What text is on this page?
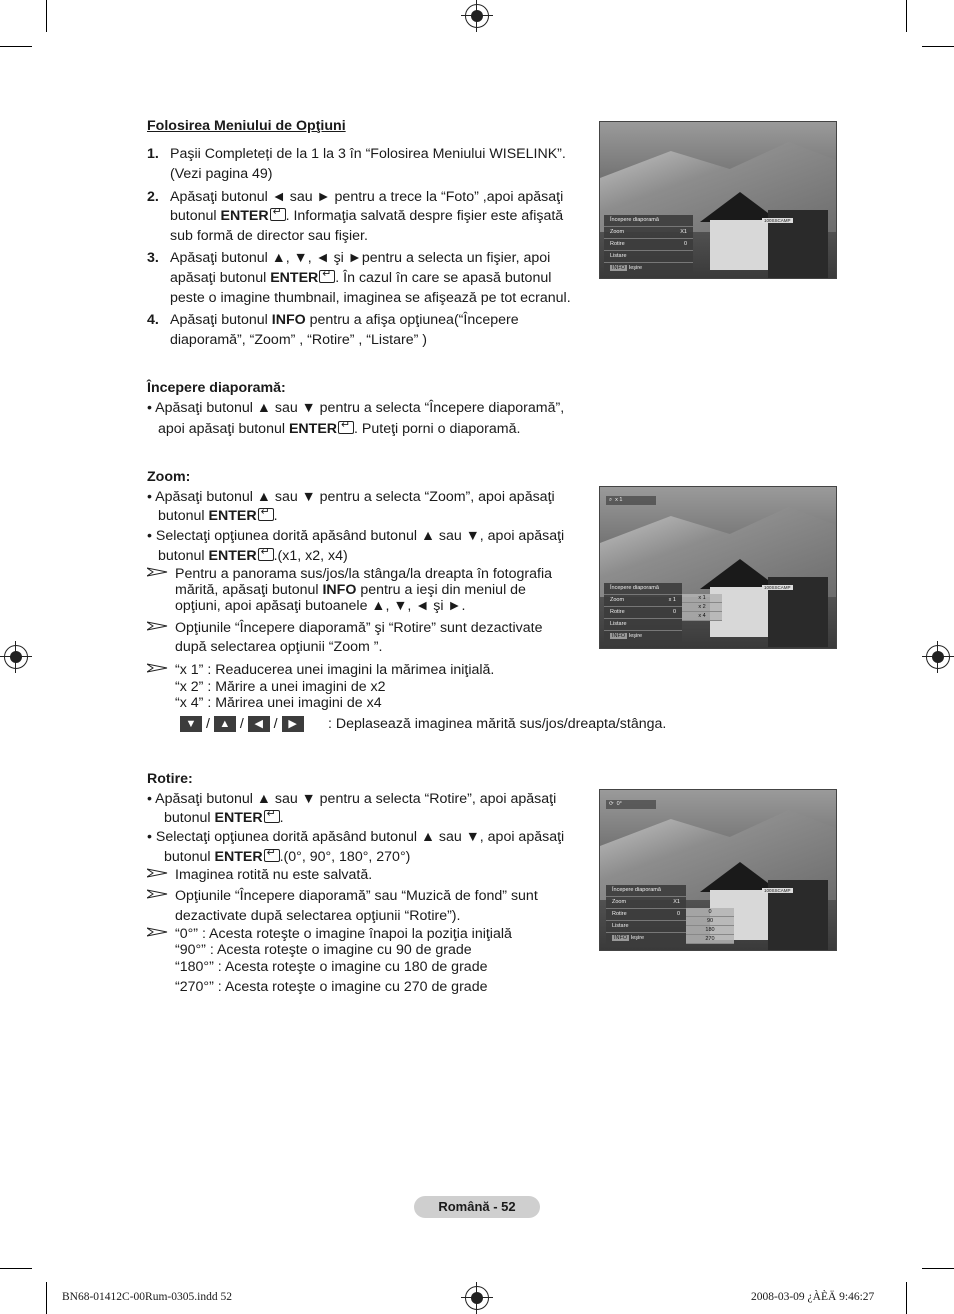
Folosirea Meniului de Opţiuni
1. Paşii Completeți de la 1 la 3 în “Folosirea Meniului WISELINK”.
(Vezi pagina 49)
2. Apăsaţi butonul ◄ sau ► pentru a trece la “Foto” ,apoi apăsaţi
butonul ENTER ↵ . Informaţia salvată despre fişier este afişată
sub formă de director sau fişier.
3. Apăsaţi butonul ▲, ▼, ◄ şi ►pentru a selecta un fişier, apoi
apăsaţi butonul ENTER ↵ . În cazul în care se apasă butonul
peste o imagine thumbnail, imaginea se afişează pe tot ecranul.
4. Apăsaţi butonul INFO pentru a afişa opţiunea(“Începere
diaporamă”, “Zoom” , “Rotire” , “Listare” )
Începere diaporamă:
• Apăsaţi butonul ▲ sau ▼ pentru a selecta “Începere diaporamă”,
apoi apăsaţi butonul ENTER ↵ . Puteţi porni o diaporamă.
Zoom:
• Apăsaţi butonul ▲ sau ▼ pentru a selecta “Zoom”, apoi apăsaţi
butonul ENTER ↵ .
• Selectaţi opţiunea dorită apăsând butonul ▲ sau ▼, apoi apăsaţi
butonul ENTER ↵ .(x1, x2, x4)
Pentru a panorama sus/jos/la stânga/la dreapta în fotografia
mărită, apăsaţi butonul INFO pentru a ieşi din meniul de
opţiuni, apoi apăsaţi butoanele ▲, ▼, ◄ şi ►.
Opţiunile “Începere diaporamă” şi “Rotire” sunt dezactivate
după selectarea opţiunii “Zoom ”.
“x 1” : Readucerea unei imagini la mărimea iniţială.
“x 2” : Mărire a unei imagini de x2
“x 4” : Mărirea unei imagini de x4
▼ / ▲ / ◀ / ▶	: Deplasează imaginea mărită sus/jos/dreapta/stânga.
Rotire:
• Apăsaţi butonul ▲ sau ▼ pentru a selecta “Rotire”, apoi apăsaţi
butonul ENTER ↵ .
• Selectaţi opţiunea dorită apăsând butonul ▲ sau ▼, apoi apăsaţi
butonul ENTER ↵ .(0°, 90°, 180°, 270°)
Imaginea rotită nu este salvată.
Opţiunile “Începere diaporamă” sau “Muzică de fond” sunt
dezactivate după selectarea opţiunii “Rotire”).
“0°” : Acesta roteşte o imagine înapoi la poziţia iniţială
“90°” : Acesta roteşte o imagine cu 90 de grade
“180°” : Acesta roteşte o imagine cu 180 de grade
“270°” : Acesta roteşte o imagine cu 270 de grade
100SSCAMP
Începere diaporamă
Zoom	X1
Rotire	0
Listare
INFO Ieşire
100SSCAMP
⌕ x 1
Începere diaporamă
Zoom	x 1
Rotire	0
Listare
INFO Ieşire
x 1
x 2
x 4
100SSCAMP
⟳ 0°
Începere diaporamă
Zoom	X1
Rotire	0
Listare
INFO Ieşire
0
90
180
270
Română - 52
BN68-01412C-00Rum-0305.indd 52	2008-03-09 ¿ÀÈÄ 9:46:27
